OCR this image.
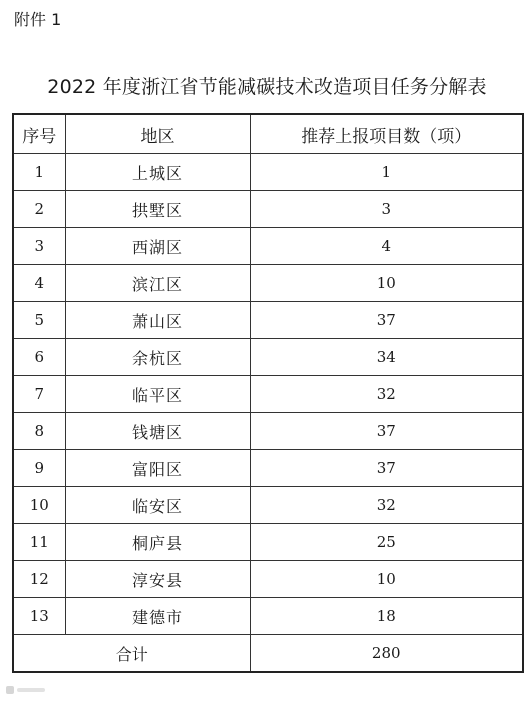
附件 1
2022 年度浙江省节能减碳技术改造项目任务分解表
序号	地区	推荐上报项目数（项）
1	上城区	1
2	拱墅区	3
3	西湖区	4
4	滨江区	10
5	萧山区	37
6	余杭区	34
7	临平区	32
8	钱塘区	37
9	富阳区	37
10	临安区	32
11	桐庐县	25
12	淳安县	10
13	建德市	18
合计		280
